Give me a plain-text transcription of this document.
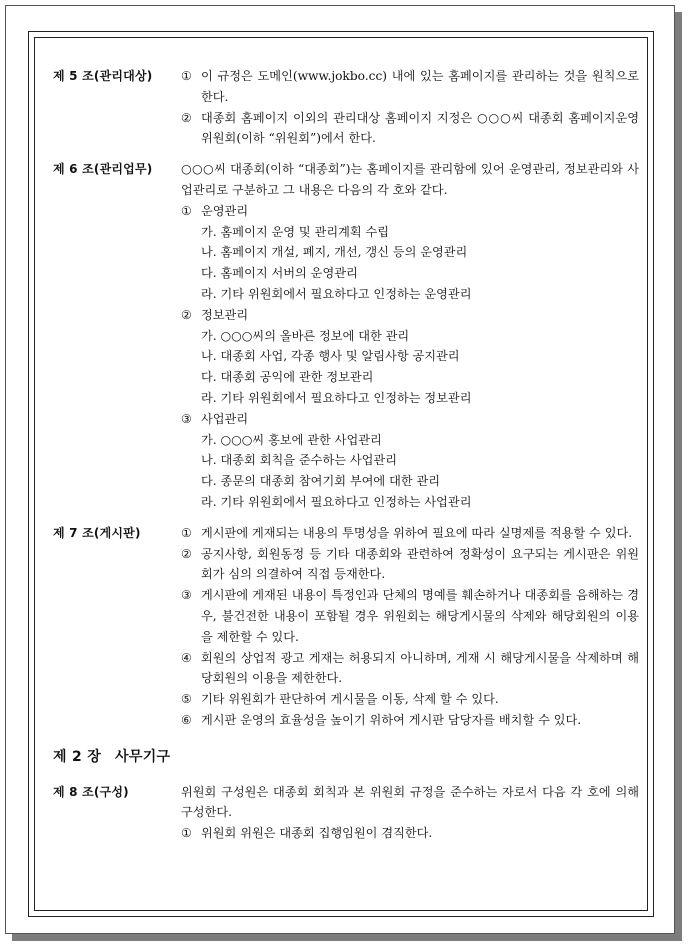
제 5 조(관리대상)	① 이 규정은 도메인(www.jokbo.cc) 내에 있는 홈페이지를 관리하는 것을 원칙으로 한다.
② 대종회 홈페이지 이외의 관리대상 홈페이지 지정은 ○○○씨 대종회 홈페이지운영위원회(이하 “위원회”)에서 한다.
제 6 조(관리업무)	○○○씨 대종회(이하 “대종회”)는 홈페이지를 관리함에 있어 운영관리, 정보관리와 사업관리로 구분하고 그 내용은 다음의 각 호와 같다.
① 운영관리
가. 홈페이지 운영 및 관리계획 수립
나. 홈페이지 개설, 폐지, 개선, 갱신 등의 운영관리
다. 홈페이지 서버의 운영관리
라. 기타 위원회에서 필요하다고 인정하는 운영관리
② 정보관리
가. ○○○씨의 올바른 정보에 대한 관리
나. 대종회 사업, 각종 행사 및 알림사항 공지관리
다. 대종회 공익에 관한 정보관리
라. 기타 위원회에서 필요하다고 인정하는 정보관리
③ 사업관리
가. ○○○씨 홍보에 관한 사업관리
나. 대종회 회칙을 준수하는 사업관리
다. 종문의 대종회 참여기회 부여에 대한 관리
라. 기타 위원회에서 필요하다고 인정하는 사업관리
제 7 조(게시판)	① 게시판에 게재되는 내용의 투명성을 위하여 필요에 따라 실명제를 적용할 수 있다.
② 공지사항, 회원동정 등 기타 대종회와 관련하여 정확성이 요구되는 게시판은 위원회가 심의 의결하여 직접 등재한다.
③ 게시판에 게재된 내용이 특정인과 단체의 명예를 훼손하거나 대종회를 음해하는 경우, 불건전한 내용이 포함될 경우 위원회는 해당게시물의 삭제와 해당회원의 이용을 제한할 수 있다.
④ 회원의 상업적 광고 게재는 허용되지 아니하며, 게재 시 해당게시물을 삭제하며 해당회원의 이용을 제한한다.
⑤ 기타 위원회가 판단하여 게시물을 이동, 삭제 할 수 있다.
⑥ 게시판 운영의 효율성을 높이기 위하여 게시판 담당자를 배치할 수 있다.
제 2 장 사무기구
제 8 조(구성)	위원회 구성원은 대종회 회칙과 본 위원회 규정을 준수하는 자로서 다음 각 호에 의해 구성한다.
① 위원회 위원은 대종회 집행임원이 겸직한다.
